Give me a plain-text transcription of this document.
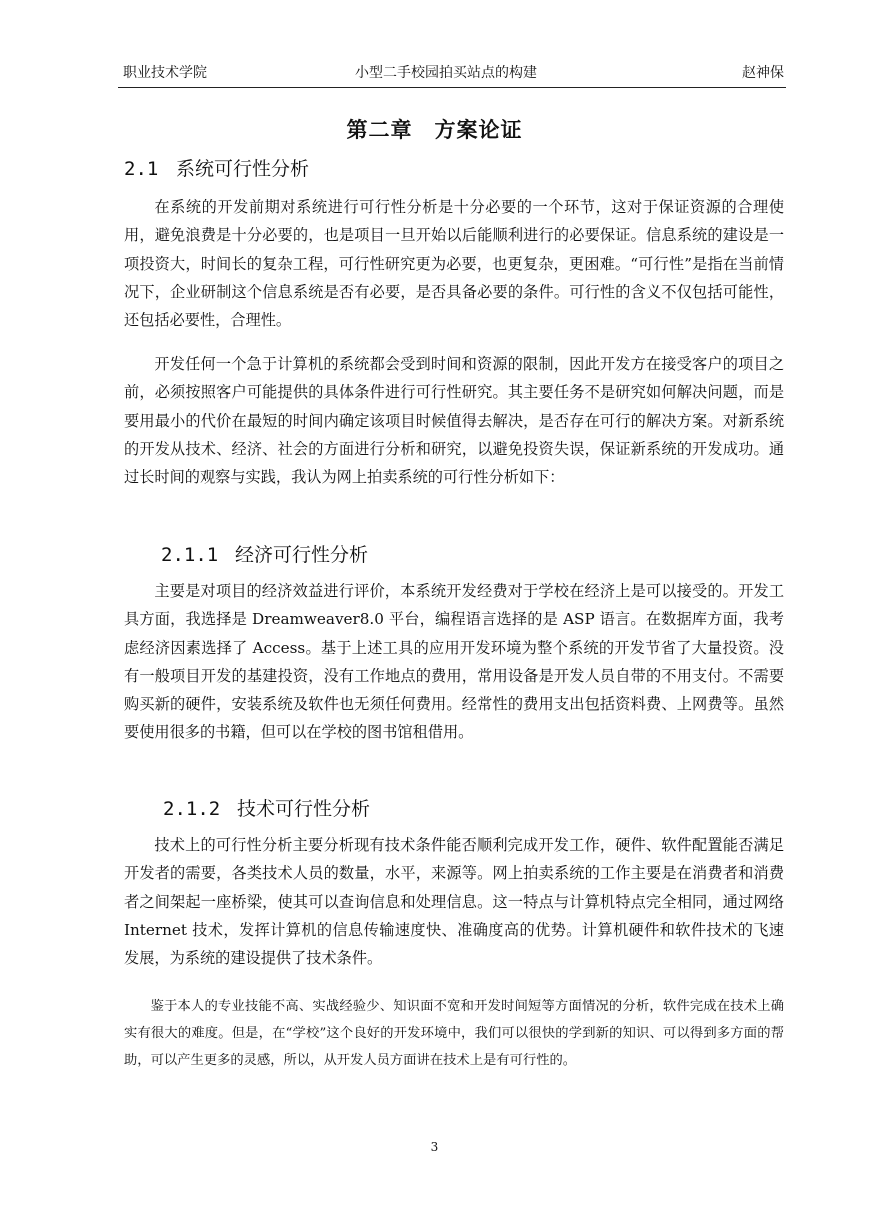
职业技术学院	小型二手校园拍买站点的构建	赵神保
第二章　方案论证
2.1 系统可行性分析

在系统的开发前期对系统进行可行性分析是十分必要的一个环节，这对于保证资源的合理使用，避免浪费是十分必要的，也是项目一旦开始以后能顺利进行的必要保证。信息系统的建设是一项投资大，时间长的复杂工程，可行性研究更为必要，也更复杂，更困难。“可行性”是指在当前情况下，企业研制这个信息系统是否有必要，是否具备必要的条件。可行性的含义不仅包括可能性，还包括必要性，合理性。

开发任何一个急于计算机的系统都会受到时间和资源的限制，因此开发方在接受客户的项目之前，必须按照客户可能提供的具体条件进行可行性研究。其主要任务不是研究如何解决问题，而是要用最小的代价在最短的时间内确定该项目时候值得去解决，是否存在可行的解决方案。对新系统的开发从技术、经济、社会的方面进行分析和研究，以避免投资失误，保证新系统的开发成功。通过长时间的观察与实践，我认为网上拍卖系统的可行性分析如下：

2.1.1 经济可行性分析

主要是对项目的经济效益进行评价，本系统开发经费对于学校在经济上是可以接受的。开发工具方面，我选择是 Dreamweaver8.0 平台，编程语言选择的是 ASP 语言。在数据库方面，我考虑经济因素选择了 Access。基于上述工具的应用开发环境为整个系统的开发节省了大量投资。没有一般项目开发的基建投资，没有工作地点的费用，常用设备是开发人员自带的不用支付。不需要购买新的硬件，安装系统及软件也无须任何费用。经常性的费用支出包括资料费、上网费等。虽然要使用很多的书籍，但可以在学校的图书馆租借用。

2.1.2 技术可行性分析

技术上的可行性分析主要分析现有技术条件能否顺利完成开发工作，硬件、软件配置能否满足开发者的需要，各类技术人员的数量，水平，来源等。网上拍卖系统的工作主要是在消费者和消费者之间架起一座桥梁，使其可以查询信息和处理信息。这一特点与计算机特点完全相同，通过网络 Internet 技术，发挥计算机的信息传输速度快、准确度高的优势。计算机硬件和软件技术的飞速发展，为系统的建设提供了技术条件。

鉴于本人的专业技能不高、实战经验少、知识面不宽和开发时间短等方面情况的分析，软件完成在技术上确实有很大的难度。但是，在“学校”这个良好的开发环境中，我们可以很快的学到新的知识、可以得到多方面的帮助，可以产生更多的灵感，所以，从开发人员方面讲在技术上是有可行性的。

3
